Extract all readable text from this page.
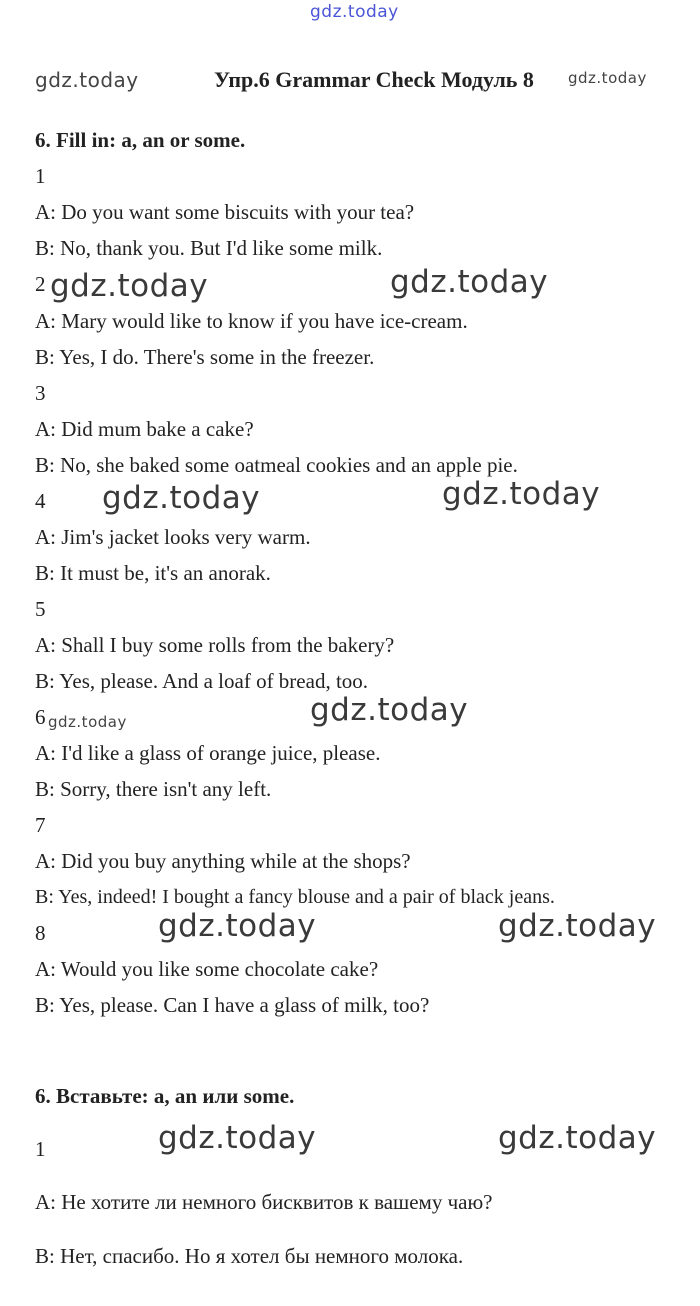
gdz.today
gdz.today	gdz.today
gdz.today	gdz.today
gdz.today	gdz.today
gdz.today	gdz.today
gdz.today	gdz.today
gdz.today	gdz.today
Упр.6 Grammar Check Модуль 8
6. Fill in: a, an or some.
1
A: Do you want some biscuits with your tea?
B: No, thank you. But I'd like some milk.
2
A: Mary would like to know if you have ice-cream.
B: Yes, I do. There's some in the freezer.
3
A: Did mum bake a cake?
B: No, she baked some oatmeal cookies and an apple pie.
4
A: Jim's jacket looks very warm.
B: It must be, it's an anorak.
5
A: Shall I buy some rolls from the bakery?
B: Yes, please. And a loaf of bread, too.
6
A: I'd like a glass of orange juice, please.
B: Sorry, there isn't any left.
7
A: Did you buy anything while at the shops?
B: Yes, indeed! I bought a fancy blouse and a pair of black jeans.
8
A: Would you like some chocolate cake?
B: Yes, please. Can I have a glass of milk, too?
6. Вставьте: a, an или some.
1
A: Не хотите ли немного бисквитов к вашему чаю?
B: Нет, спасибо. Но я хотел бы немного молока.
